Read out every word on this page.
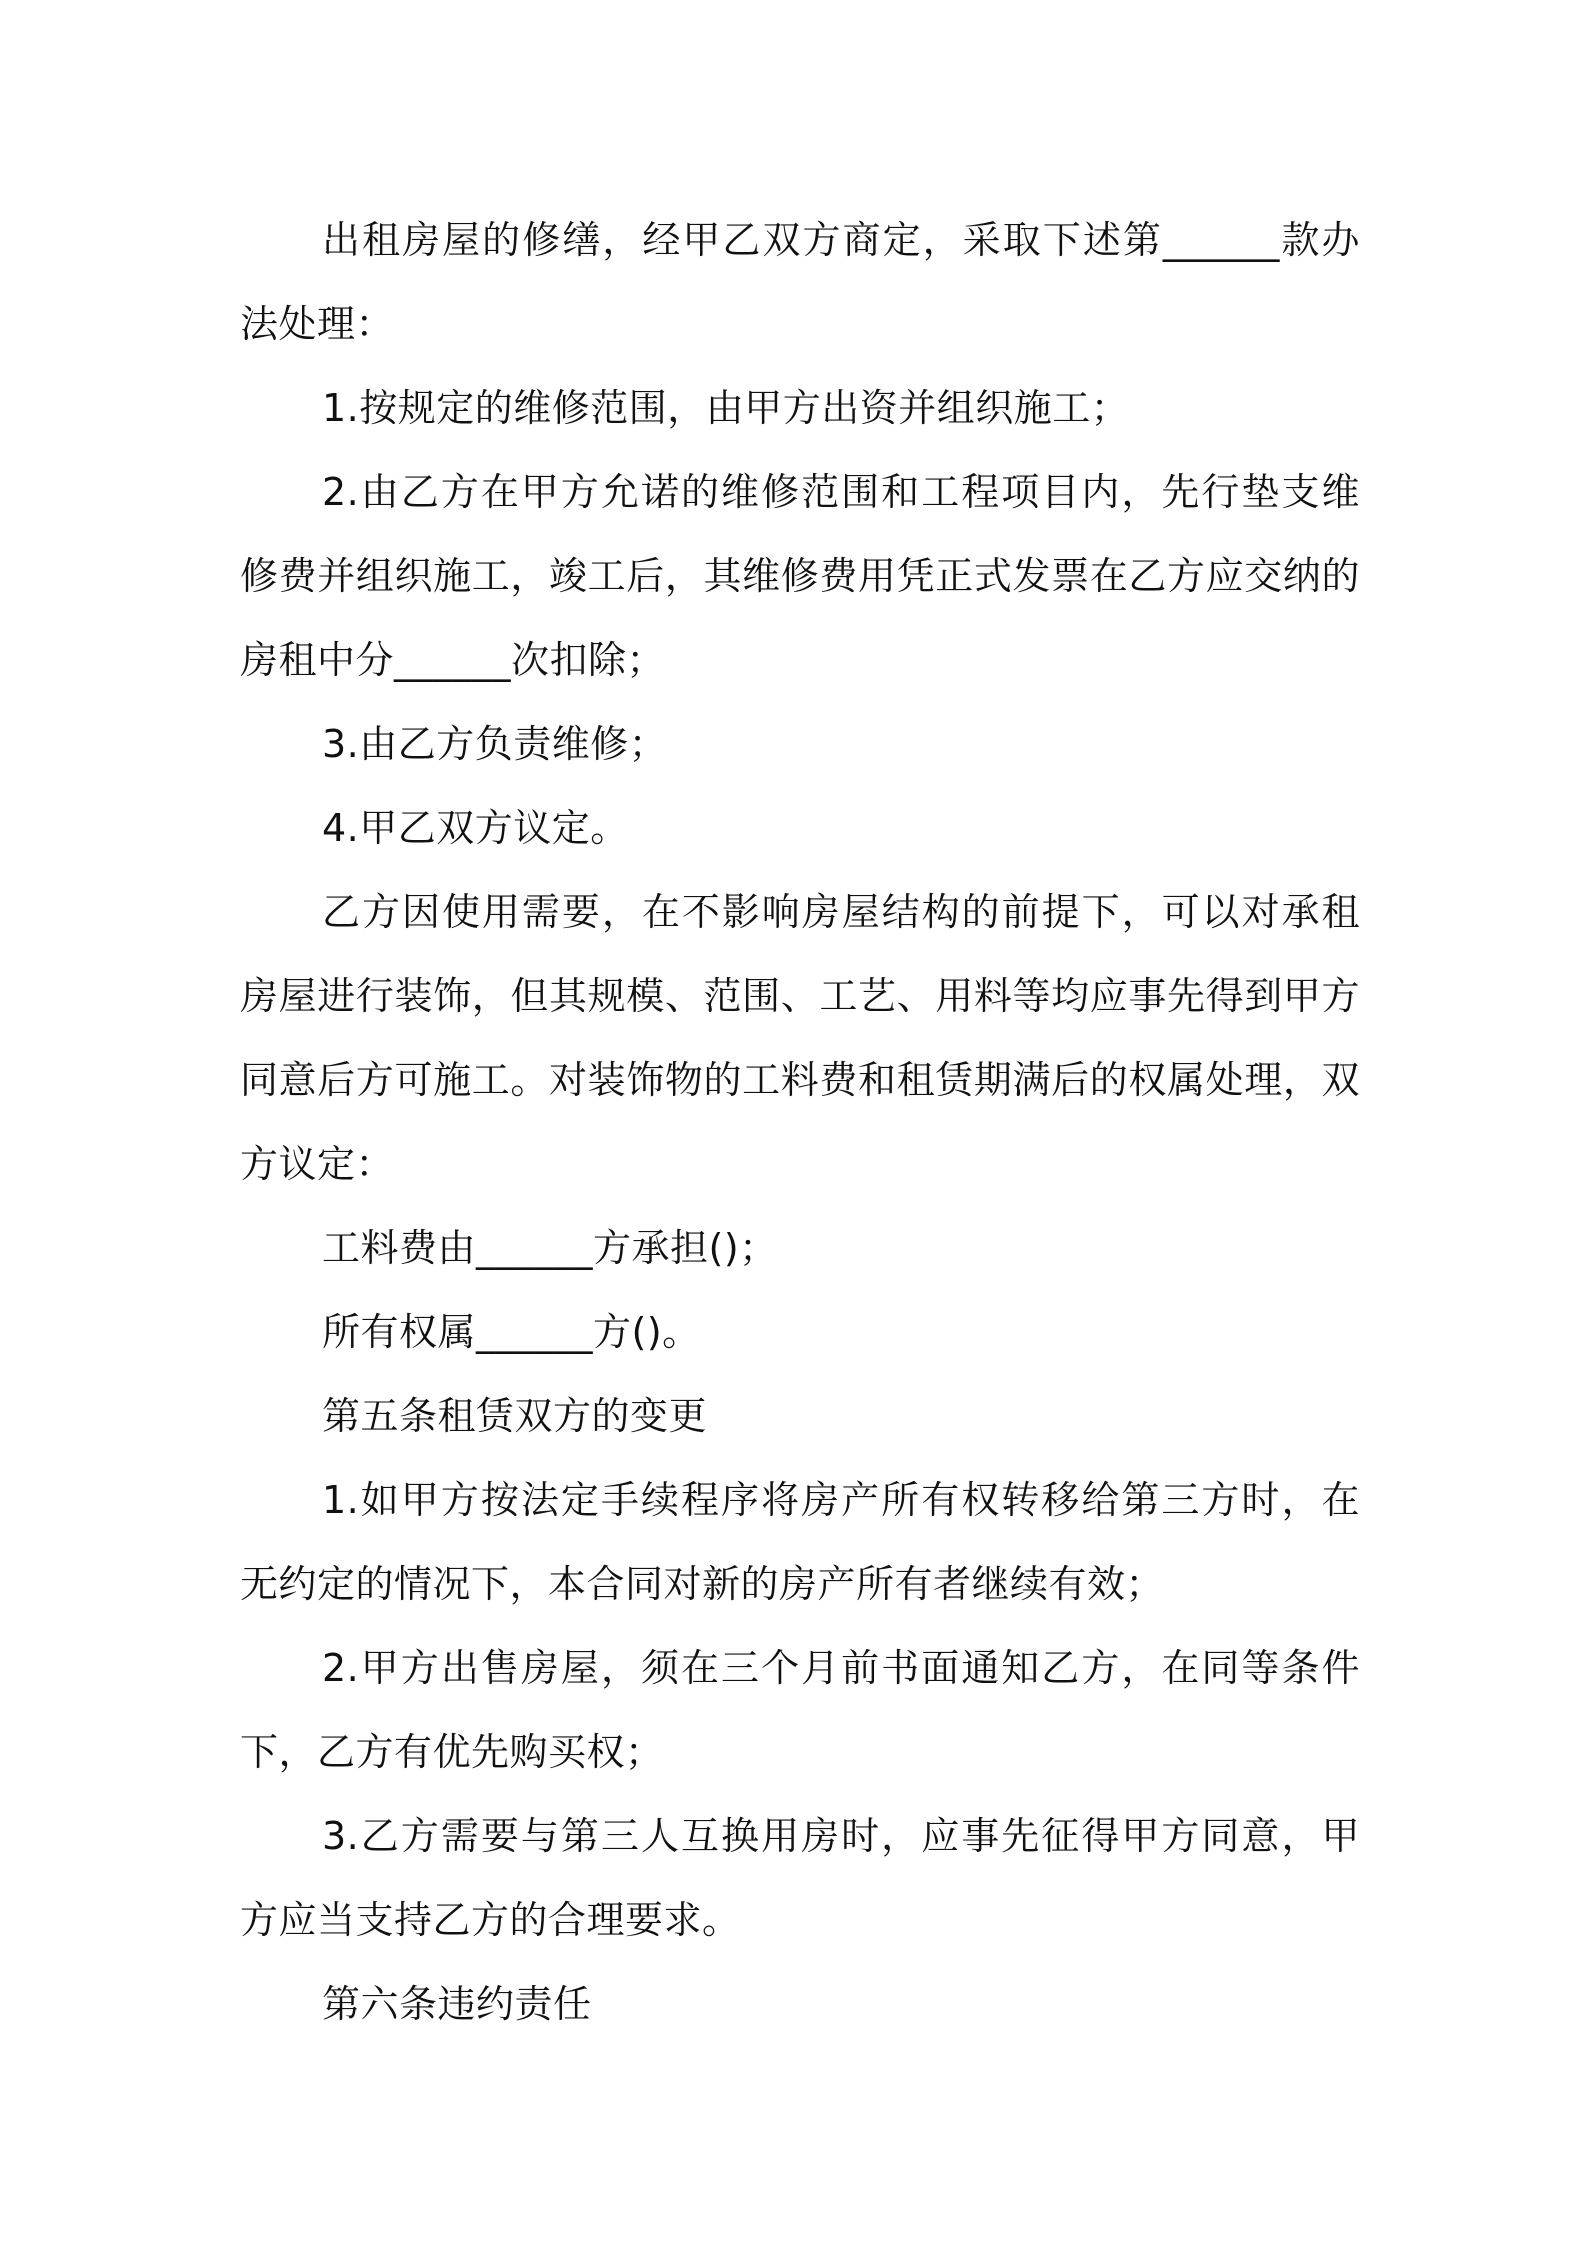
出租房屋的修缮，经甲乙双方商定，采取下述第______款办法处理：

1.按规定的维修范围，由甲方出资并组织施工；

2.由乙方在甲方允诺的维修范围和工程项目内，先行垫支维修费并组织施工，竣工后，其维修费用凭正式发票在乙方应交纳的房租中分______次扣除；

3.由乙方负责维修；

4.甲乙双方议定。

乙方因使用需要，在不影响房屋结构的前提下，可以对承租房屋进行装饰，但其规模、范围、工艺、用料等均应事先得到甲方同意后方可施工。对装饰物的工料费和租赁期满后的权属处理，双方议定：

工料费由______方承担()；

所有权属______方()。

第五条租赁双方的变更

1.如甲方按法定手续程序将房产所有权转移给第三方时，在无约定的情况下，本合同对新的房产所有者继续有效；

2.甲方出售房屋，须在三个月前书面通知乙方，在同等条件下，乙方有优先购买权；

3.乙方需要与第三人互换用房时，应事先征得甲方同意，甲方应当支持乙方的合理要求。

第六条违约责任
